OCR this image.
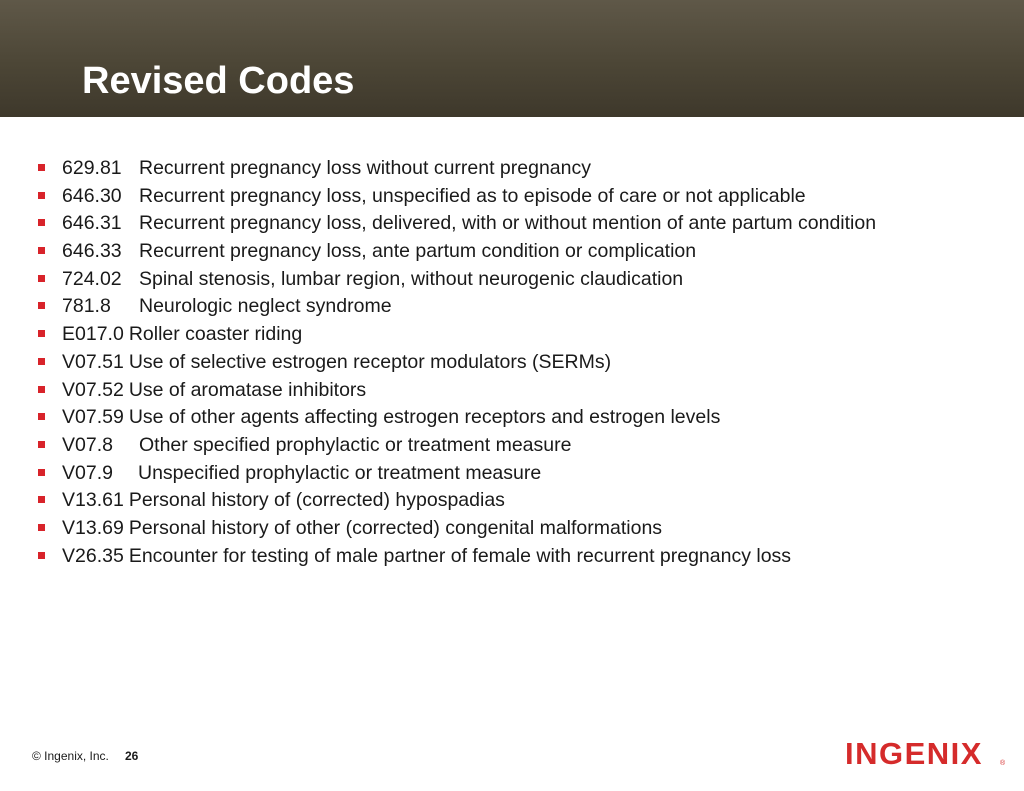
Revised Codes
629.81 Recurrent pregnancy loss without current pregnancy
646.30 Recurrent pregnancy loss, unspecified as to episode of care or not applicable
646.31 Recurrent pregnancy loss, delivered, with or without mention of ante partum condition
646.33 Recurrent pregnancy loss, ante partum condition or complication
724.02 Spinal stenosis, lumbar region, without neurogenic claudication
781.8 Neurologic neglect syndrome
E017.0 Roller coaster riding
V07.51 Use of selective estrogen receptor modulators (SERMs)
V07.52 Use of aromatase inhibitors
V07.59 Use of other agents affecting estrogen receptors and estrogen levels
V07.8 Other specified prophylactic or treatment measure
V07.9 Unspecified prophylactic or treatment measure
V13.61 Personal history of (corrected) hypospadias
V13.69 Personal history of other (corrected) congenital malformations
V26.35 Encounter for testing of male partner of female with recurrent pregnancy loss
© Ingenix, Inc. 26	INGENIX ®
